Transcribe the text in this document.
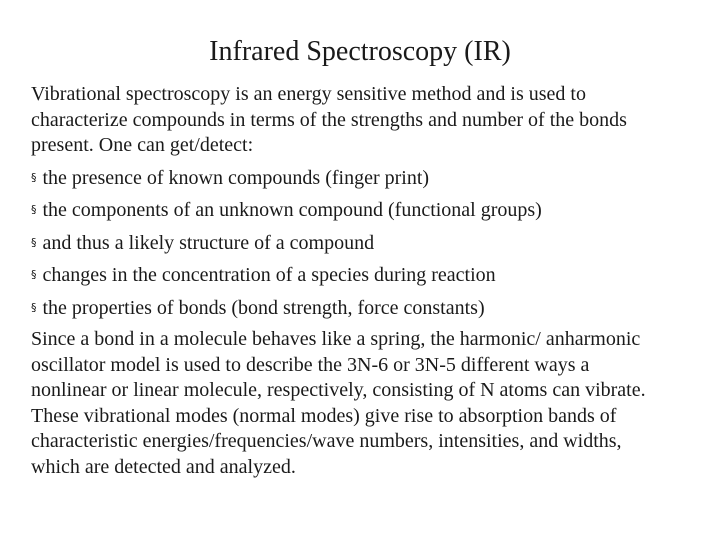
Infrared Spectroscopy (IR)
Vibrational spectroscopy is an energy sensitive method and is used to
characterize compounds in terms of the strengths and number of the bonds
present. One can get/detect:
§ the presence of known compounds (finger print)
§ the components of an unknown compound (functional groups)
§ and thus a likely structure of a compound
§ changes in the concentration of a species during reaction
§ the properties of bonds (bond strength, force constants)
Since a bond in a molecule behaves like a spring, the harmonic/ anharmonic
oscillator model is used to describe the 3N-6 or 3N-5 different ways a
nonlinear or linear molecule, respectively, consisting of N atoms can vibrate.
These vibrational modes (normal modes) give rise to absorption bands of
characteristic energies/frequencies/wave numbers, intensities, and widths,
which are detected and analyzed.
